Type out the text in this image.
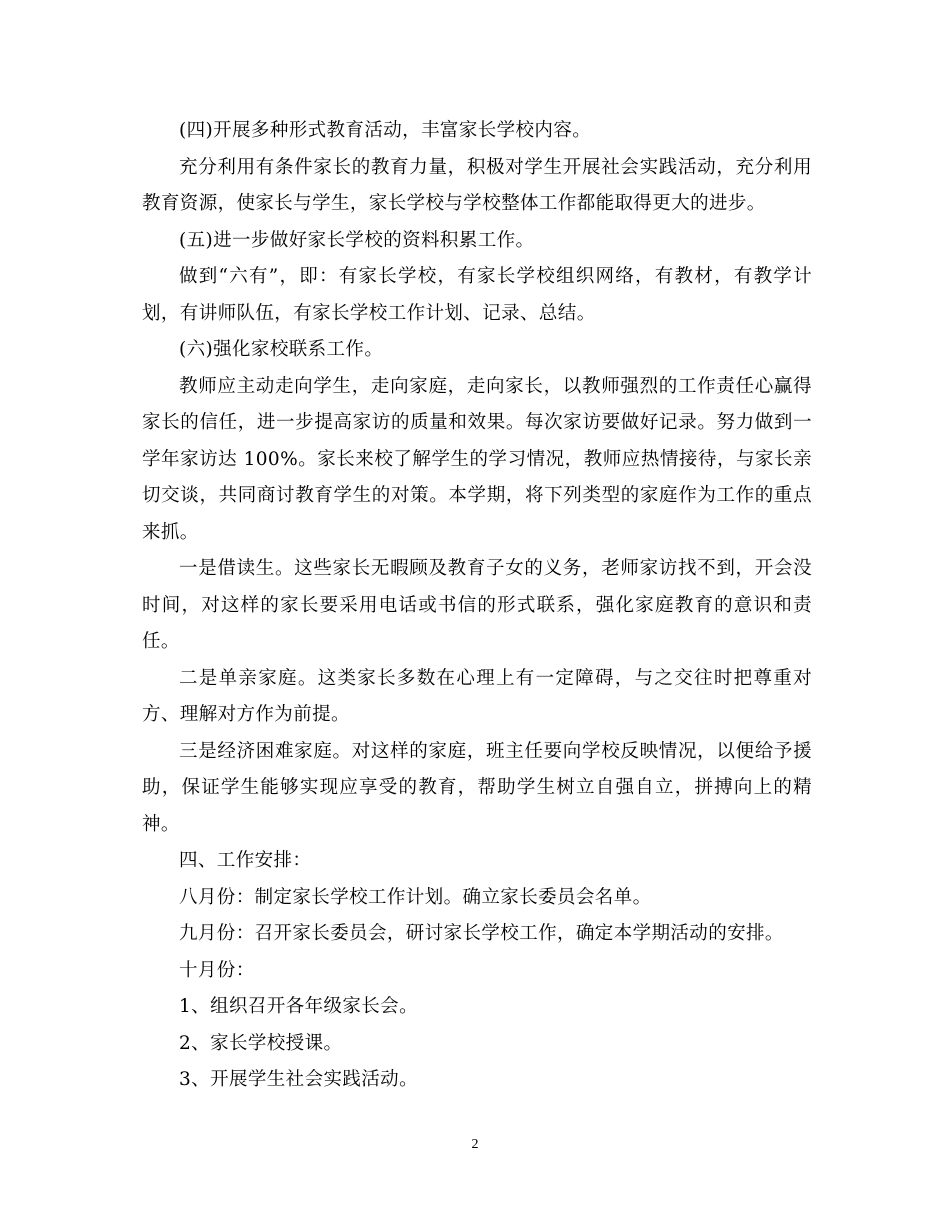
(四)开展多种形式教育活动，丰富家长学校内容。

充分利用有条件家长的教育力量，积极对学生开展社会实践活动，充分利用教育资源，使家长与学生，家长学校与学校整体工作都能取得更大的进步。

(五)进一步做好家长学校的资料积累工作。

做到“六有”，即：有家长学校，有家长学校组织网络，有教材，有教学计划，有讲师队伍，有家长学校工作计划、记录、总结。

(六)强化家校联系工作。

教师应主动走向学生，走向家庭，走向家长，以教师强烈的工作责任心赢得家长的信任，进一步提高家访的质量和效果。每次家访要做好记录。努力做到一学年家访达 100%。家长来校了解学生的学习情况，教师应热情接待，与家长亲切交谈，共同商讨教育学生的对策。本学期，将下列类型的家庭作为工作的重点来抓。

一是借读生。这些家长无暇顾及教育子女的义务，老师家访找不到，开会没时间，对这样的家长要采用电话或书信的形式联系，强化家庭教育的意识和责任。

二是单亲家庭。这类家长多数在心理上有一定障碍，与之交往时把尊重对方、理解对方作为前提。

三是经济困难家庭。对这样的家庭，班主任要向学校反映情况，以便给予援助，保证学生能够实现应享受的教育，帮助学生树立自强自立，拼搏向上的精神。

四、工作安排：

八月份：制定家长学校工作计划。确立家长委员会名单。

九月份：召开家长委员会，研讨家长学校工作，确定本学期活动的安排。

十月份：

1、组织召开各年级家长会。

2、家长学校授课。

3、开展学生社会实践活动。

2
